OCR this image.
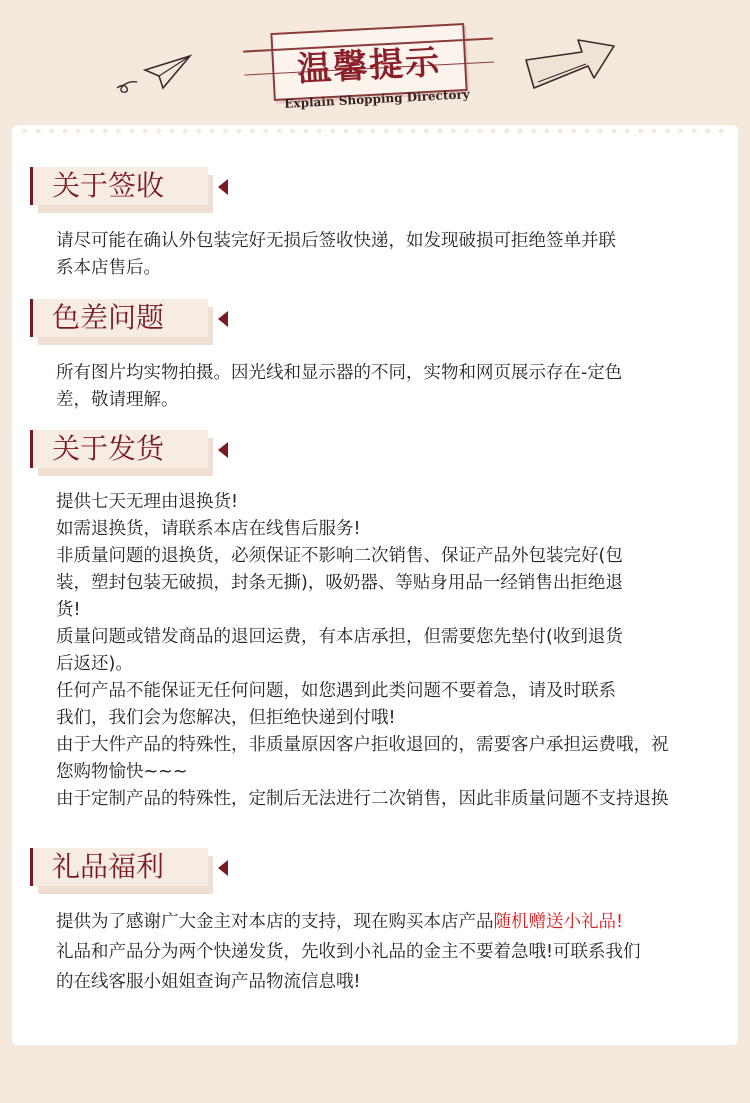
温馨提示
Explain Shopping Directory
关于签收
请尽可能在确认外包装完好无损后签收快递，如发现破损可拒绝签单并联
系本店售后。
色差问题
所有图片均实物拍摄。因光线和显示器的不同，实物和网页展示存在-定色
差，敬请理解。
关于发货
提供七天无理由退换货!
如需退换货，请联系本店在线售后服务!
非质量问题的退换货，必须保证不影响二次销售、保证产品外包装完好(包
装，塑封包装无破损，封条无撕)，吸奶器、等贴身用品一经销售出拒绝退
货!
质量问题或错发商品的退回运费，有本店承担，但需要您先垫付(收到退货
后返还)。
任何产品不能保证无任何问题，如您遇到此类问题不要着急，请及时联系
我们，我们会为您解决，但拒绝快递到付哦!
由于大件产品的特殊性，非质量原因客户拒收退回的，需要客户承担运费哦，祝
您购物愉快~~~
由于定制产品的特殊性，定制后无法进行二次销售，因此非质量问题不支持退换
礼品福利
提供为了感谢广大金主对本店的支持，现在购买本店产品随机赠送小礼品!
礼品和产品分为两个快递发货，先收到小礼品的金主不要着急哦!可联系我们
的在线客服小姐姐查询产品物流信息哦!
